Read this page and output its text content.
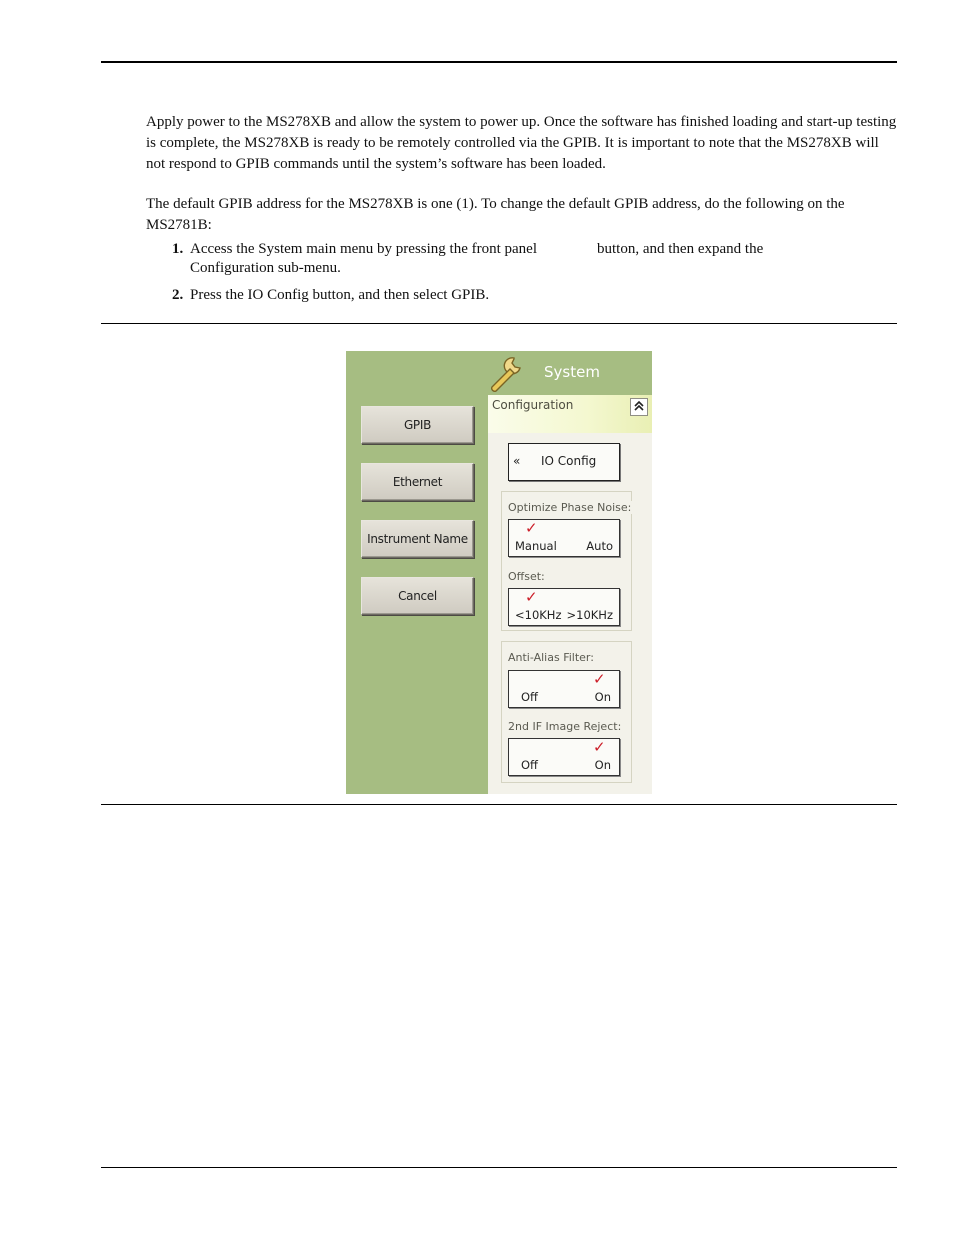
Apply power to the MS278XB and allow the system to power up. Once the software has finished loading and start-up testing is complete, the MS278XB is ready to be remotely controlled via the GPIB. It is important to note that the MS278XB will not respond to GPIB commands until the system’s software has been loaded.

The default GPIB address for the MS278XB is one (1). To change the default GPIB address, do the following on the MS2781B:

1. Access the System main menu by pressing the front panel	button, and then expand the
Configuration sub-menu.
2. Press the IO Config button, and then select GPIB.
System
GPIB
Ethernet
Instrument Name
Cancel
Configuration
« IO Config
Optimize Phase Noise:
✓
Manual	Auto
Offset:
✓
<10KHz >10KHz
Anti-Alias Filter:
✓
Off	On
2nd IF Image Reject:
✓
Off	On
